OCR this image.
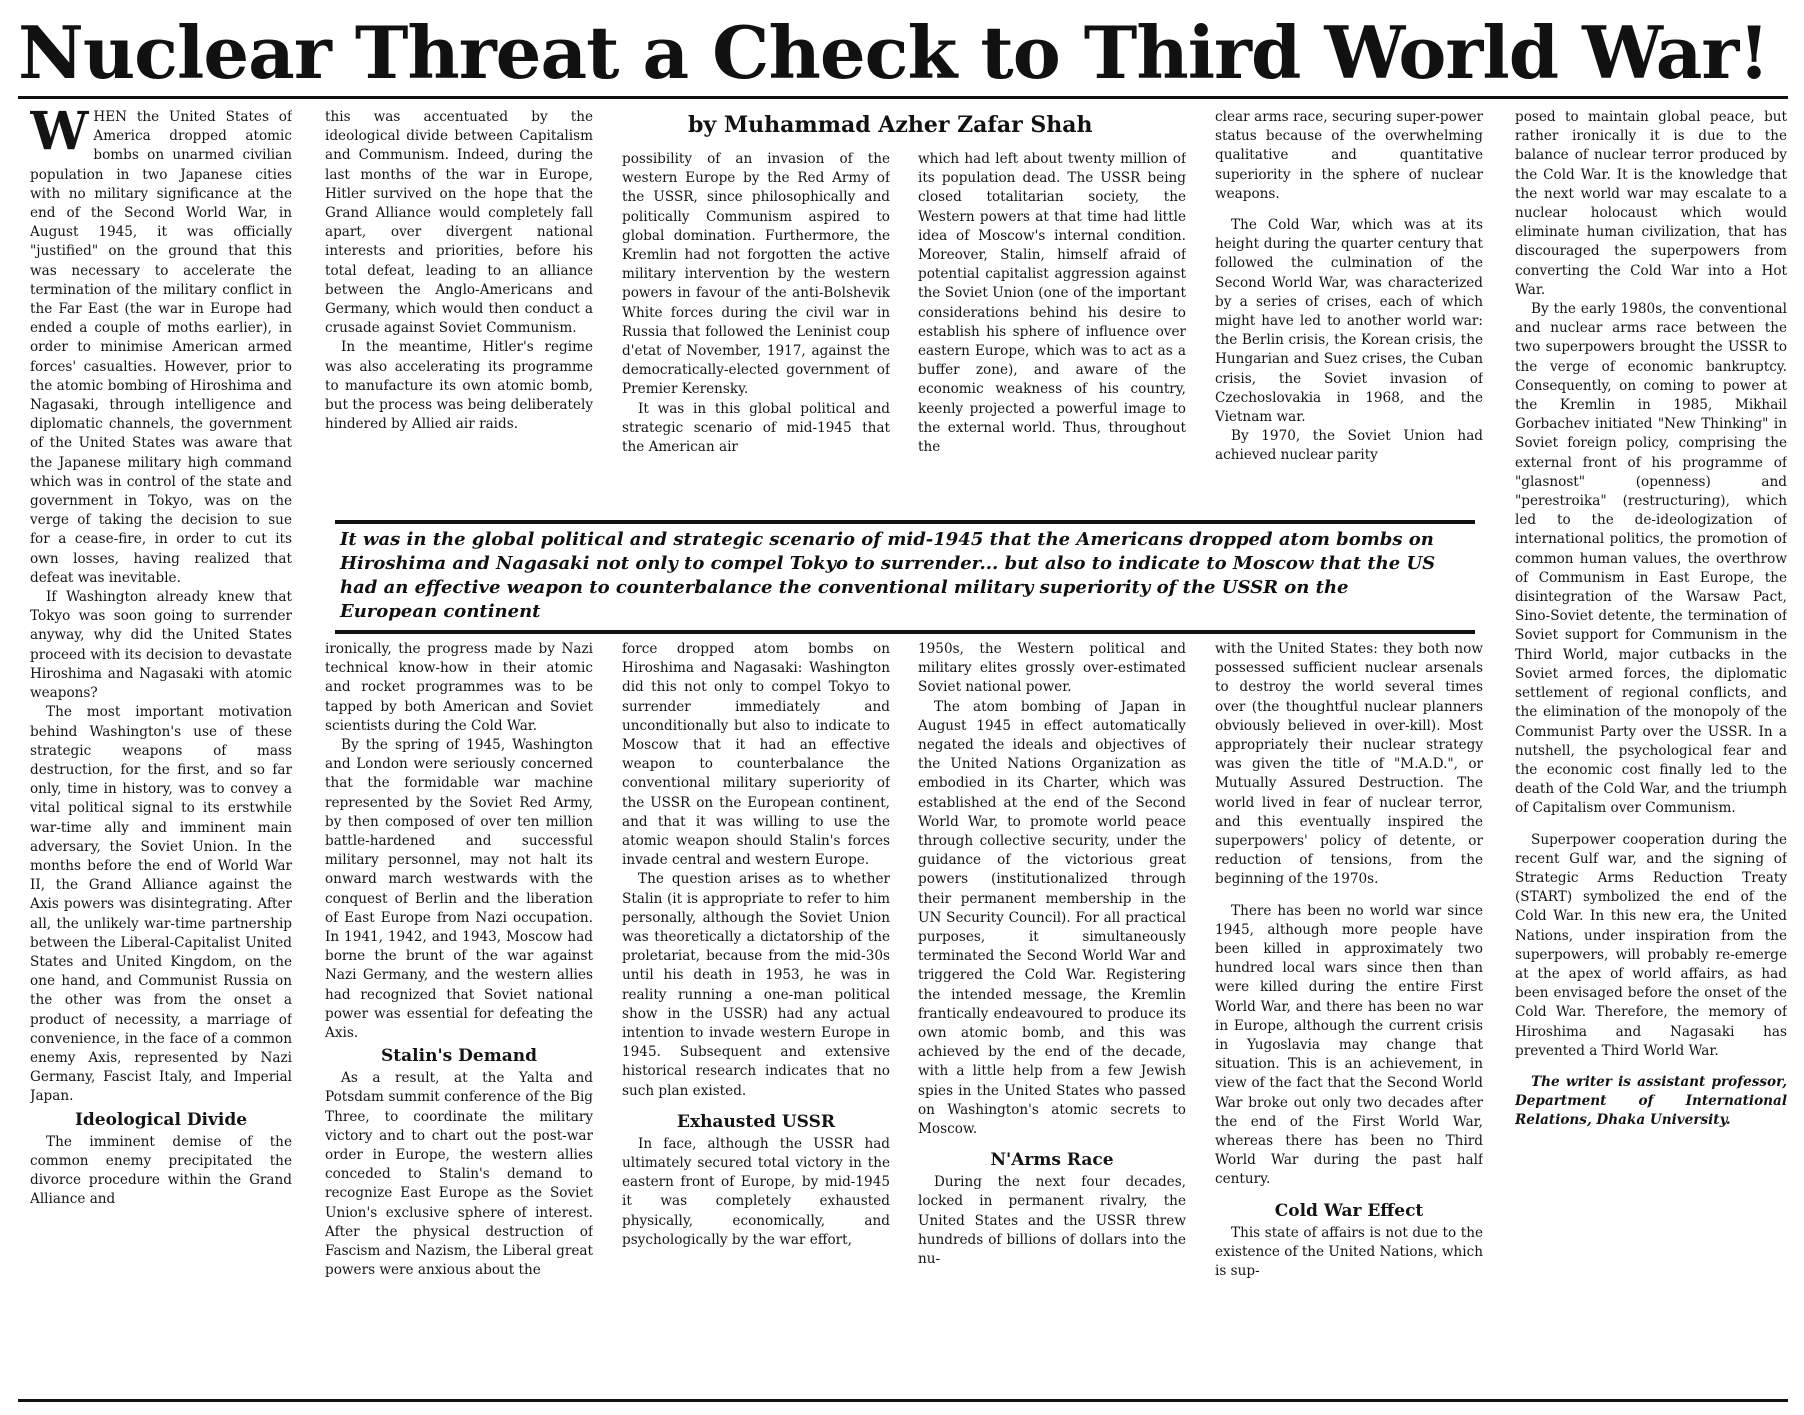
Nuclear Threat a Check to Third World War!
by Muhammad Azher Zafar Shah
It was in the global political and strategic scenario of mid-1945 that the Americans dropped atom bombs on Hiroshima and Nagasaki not only to compel Tokyo to surrender... but also to indicate to Moscow that the US had an effective weapon to counterbalance the conventional military superiority of the USSR on the European continent

WHEN the United States of America dropped atomic bombs on unarmed civilian population in two Japanese cities with no military significance at the end of the Second World War, in August 1945, it was officially "justified" on the ground that this was necessary to accelerate the termination of the military conflict in the Far East (the war in Europe had ended a couple of moths earlier), in order to minimise American armed forces' casualties. However, prior to the atomic bombing of Hiroshima and Nagasaki, through intelligence and diplomatic channels, the government of the United States was aware that the Japanese military high command which was in control of the state and government in Tokyo, was on the verge of taking the decision to sue for a cease-fire, in order to cut its own losses, having realized that defeat was inevitable.

If Washington already knew that Tokyo was soon going to surrender anyway, why did the United States proceed with its decision to devastate Hiroshima and Nagasaki with atomic weapons?

The most important motivation behind Washington's use of these strategic weapons of mass destruction, for the first, and so far only, time in history, was to convey a vital political signal to its erstwhile war-time ally and imminent main adversary, the Soviet Union. In the months before the end of World War II, the Grand Alliance against the Axis powers was disintegrating. After all, the unlikely war-time partnership between the Liberal-Capitalist United States and United Kingdom, on the one hand, and Communist Russia on the other was from the onset a product of necessity, a marriage of convenience, in the face of a common enemy Axis, represented by Nazi Germany, Fascist Italy, and Imperial Japan.

Ideological Divide

The imminent demise of the common enemy precipitated the divorce procedure within the Grand Alliance and

this was accentuated by the ideological divide between Capitalism and Communism. Indeed, during the last months of the war in Europe, Hitler survived on the hope that the Grand Alliance would completely fall apart, over divergent national interests and priorities, before his total defeat, leading to an alliance between the Anglo-Americans and Germany, which would then conduct a crusade against Soviet Communism.

In the meantime, Hitler's regime was also accelerating its programme to manufacture its own atomic bomb, but the process was being deliberately hindered by Allied air raids.

possibility of an invasion of the western Europe by the Red Army of the USSR, since philosophically and politically Communism aspired to global domination. Furthermore, the Kremlin had not forgotten the active military intervention by the western powers in favour of the anti-Bolshevik White forces during the civil war in Russia that followed the Leninist coup d'etat of November, 1917, against the democratically-elected government of Premier Kerensky.

It was in this global political and strategic scenario of mid-1945 that the American air

which had left about twenty million of its population dead. The USSR being closed totalitarian society, the Western powers at that time had little idea of Moscow's internal condition. Moreover, Stalin, himself afraid of potential capitalist aggression against the Soviet Union (one of the important considerations behind his desire to establish his sphere of influence over eastern Europe, which was to act as a buffer zone), and aware of the economic weakness of his country, keenly projected a powerful image to the external world. Thus, throughout the

clear arms race, securing super-power status because of the overwhelming qualitative and quantitative superiority in the sphere of nuclear weapons.

The Cold War, which was at its height during the quarter century that followed the culmination of the Second World War, was characterized by a series of crises, each of which might have led to another world war: the Berlin crisis, the Korean crisis, the Hungarian and Suez crises, the Cuban crisis, the Soviet invasion of Czechoslovakia in 1968, and the Vietnam war.

By 1970, the Soviet Union had achieved nuclear parity

posed to maintain global peace, but rather ironically it is due to the balance of nuclear terror produced by the Cold War. It is the knowledge that the next world war may escalate to a nuclear holocaust which would eliminate human civilization, that has discouraged the superpowers from converting the Cold War into a Hot War.

By the early 1980s, the conventional and nuclear arms race between the two superpowers brought the USSR to the verge of economic bankruptcy. Consequently, on coming to power at the Kremlin in 1985, Mikhail Gorbachev initiated "New Thinking" in Soviet foreign policy, comprising the external front of his programme of "glasnost" (openness) and "perestroika" (restructuring), which led to the de-ideologization of international politics, the promotion of common human values, the overthrow of Communism in East Europe, the disintegration of the Warsaw Pact, Sino-Soviet detente, the termination of Soviet support for Communism in the Third World, major cutbacks in the Soviet armed forces, the diplomatic settlement of regional conflicts, and the elimination of the monopoly of the Communist Party over the USSR. In a nutshell, the psychological fear and the economic cost finally led to the death of the Cold War, and the triumph of Capitalism over Communism.

Superpower cooperation during the recent Gulf war, and the signing of Strategic Arms Reduction Treaty (START) symbolized the end of the Cold War. In this new era, the United Nations, under inspiration from the superpowers, will probably re-emerge at the apex of world affairs, as had been envisaged before the onset of the Cold War. Therefore, the memory of Hiroshima and Nagasaki has prevented a Third World War.

The writer is assistant professor, Department of International Relations, Dhaka University.

ironically, the progress made by Nazi technical know-how in their atomic and rocket programmes was to be tapped by both American and Soviet scientists during the Cold War.

By the spring of 1945, Washington and London were seriously concerned that the formidable war machine represented by the Soviet Red Army, by then composed of over ten million battle-hardened and successful military personnel, may not halt its onward march westwards with the conquest of Berlin and the liberation of East Europe from Nazi occupation. In 1941, 1942, and 1943, Moscow had borne the brunt of the war against Nazi Germany, and the western allies had recognized that Soviet national power was essential for defeating the Axis.

Stalin's Demand

As a result, at the Yalta and Potsdam summit conference of the Big Three, to coordinate the military victory and to chart out the post-war order in Europe, the western allies conceded to Stalin's demand to recognize East Europe as the Soviet Union's exclusive sphere of interest. After the physical destruction of Fascism and Nazism, the Liberal great powers were anxious about the

force dropped atom bombs on Hiroshima and Nagasaki: Washington did this not only to compel Tokyo to surrender immediately and unconditionally but also to indicate to Moscow that it had an effective weapon to counterbalance the conventional military superiority of the USSR on the European continent, and that it was willing to use the atomic weapon should Stalin's forces invade central and western Europe.

The question arises as to whether Stalin (it is appropriate to refer to him personally, although the Soviet Union was theoretically a dictatorship of the proletariat, because from the mid-30s until his death in 1953, he was in reality running a one-man political show in the USSR) had any actual intention to invade western Europe in 1945. Subsequent and extensive historical research indicates that no such plan existed.

Exhausted USSR

In face, although the USSR had ultimately secured total victory in the eastern front of Europe, by mid-1945 it was completely exhausted physically, economically, and psychologically by the war effort,

1950s, the Western political and military elites grossly over-estimated Soviet national power.

The atom bombing of Japan in August 1945 in effect automatically negated the ideals and objectives of the United Nations Organization as embodied in its Charter, which was established at the end of the Second World War, to promote world peace through collective security, under the guidance of the victorious great powers (institutionalized through their permanent membership in the UN Security Council). For all practical purposes, it simultaneously terminated the Second World War and triggered the Cold War. Registering the intended message, the Kremlin frantically endeavoured to produce its own atomic bomb, and this was achieved by the end of the decade, with a little help from a few Jewish spies in the United States who passed on Washington's atomic secrets to Moscow.

N'Arms Race

During the next four decades, locked in permanent rivalry, the United States and the USSR threw hundreds of billions of dollars into the nu-

with the United States: they both now possessed sufficient nuclear arsenals to destroy the world several times over (the thoughtful nuclear planners obviously believed in over-kill). Most appropriately their nuclear strategy was given the title of "M.A.D.", or Mutually Assured Destruction. The world lived in fear of nuclear terror, and this eventually inspired the superpowers' policy of detente, or reduction of tensions, from the beginning of the 1970s.

There has been no world war since 1945, although more people have been killed in approximately two hundred local wars since then than were killed during the entire First World War, and there has been no war in Europe, although the current crisis in Yugoslavia may change that situation. This is an achievement, in view of the fact that the Second World War broke out only two decades after the end of the First World War, whereas there has been no Third World War during the past half century.

Cold War Effect

This state of affairs is not due to the existence of the United Nations, which is sup-
